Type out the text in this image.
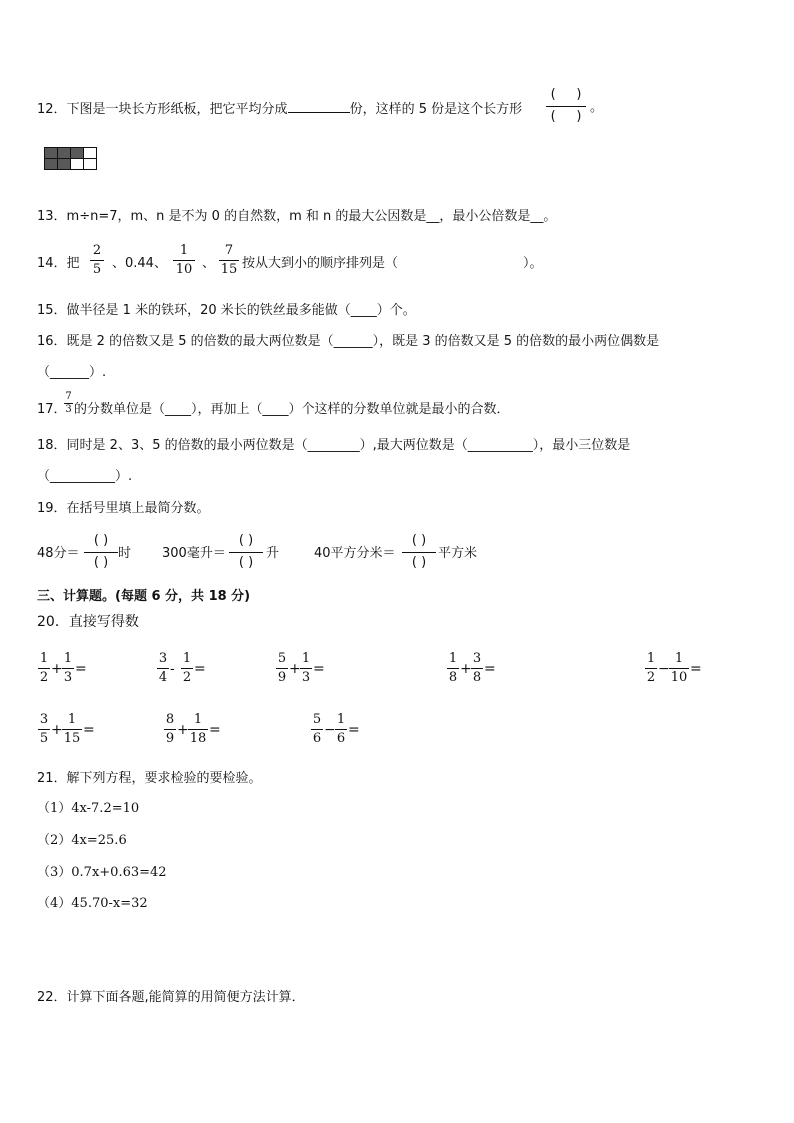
12．下图是一块长方形纸板，把它平均分成	份，这样的 5 份是这个长方形
( )
( )
。

13．m÷n=7，m、n 是不为 0 的自然数，m 和 n 的最大公因数是__，最小公倍数是__。
14．把
2
5 、0.44、
1
10 、
7
15 按从大到小的顺序排列是（	）。
15．做半径是 1 米的铁环，20 米长的铁丝最多能做（____）个。
16．既是 2 的倍数又是 5 的倍数的最大两位数是（______），既是 3 的倍数又是 5 的倍数的最小两位偶数是
（______）.
17．
7
3 的分数单位是（____），再加上（____）个这样的分数单位就是最小的合数．
18．同时是 2、3、5 的倍数的最小两位数是（________）,最大两位数是（__________），最小三位数是
（__________）.
19．在括号里填上最简分数。
48分＝
( )
( )
时 300毫升＝
( )
( )
升	40平方分米＝
( )
( )
平方米
三、计算题。(每题 6 分，共 18 分)
20．直接写得数
1
2
+
1
3
=
3
4
-
1
2
=
5
9
+
1
3
=
1
8
+
3
8
=
1
2
−
1
10
=
3
5
+
1
15
=
8
9
+
1
18
=
5
6
−
1
6
=
21．解下列方程，要求检验的要检验。
（1）4x-7.2=10
（2）4x=25.6
（3）0.7x+0.63=42
（4）45.70-x=32
22．计算下面各题,能简算的用简便方法计算．
